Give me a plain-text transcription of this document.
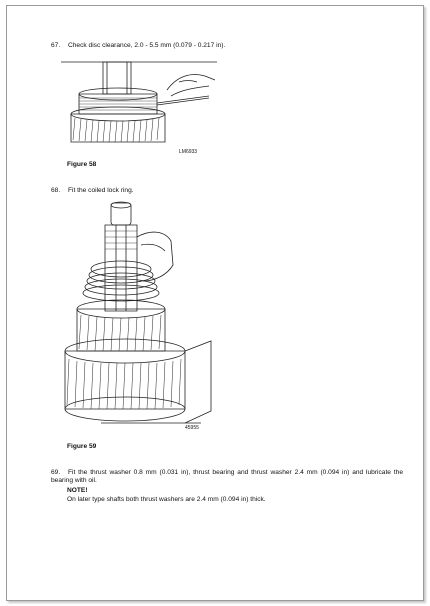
67. Check disc clearance, 2.0 - 5.5 mm (0.079 - 0.217 in).
LM6933
Figure 58
68. Fit the coiled lock ring.
45955
Figure 59
69. Fit the thrust washer 0.8 mm (0.031 in), thrust bearing and thrust washer 2.4 mm (0.094 in) and lubricate the bearing with oil.
NOTE!
On later type shafts both thrust washers are 2.4 mm (0.094 in) thick.
